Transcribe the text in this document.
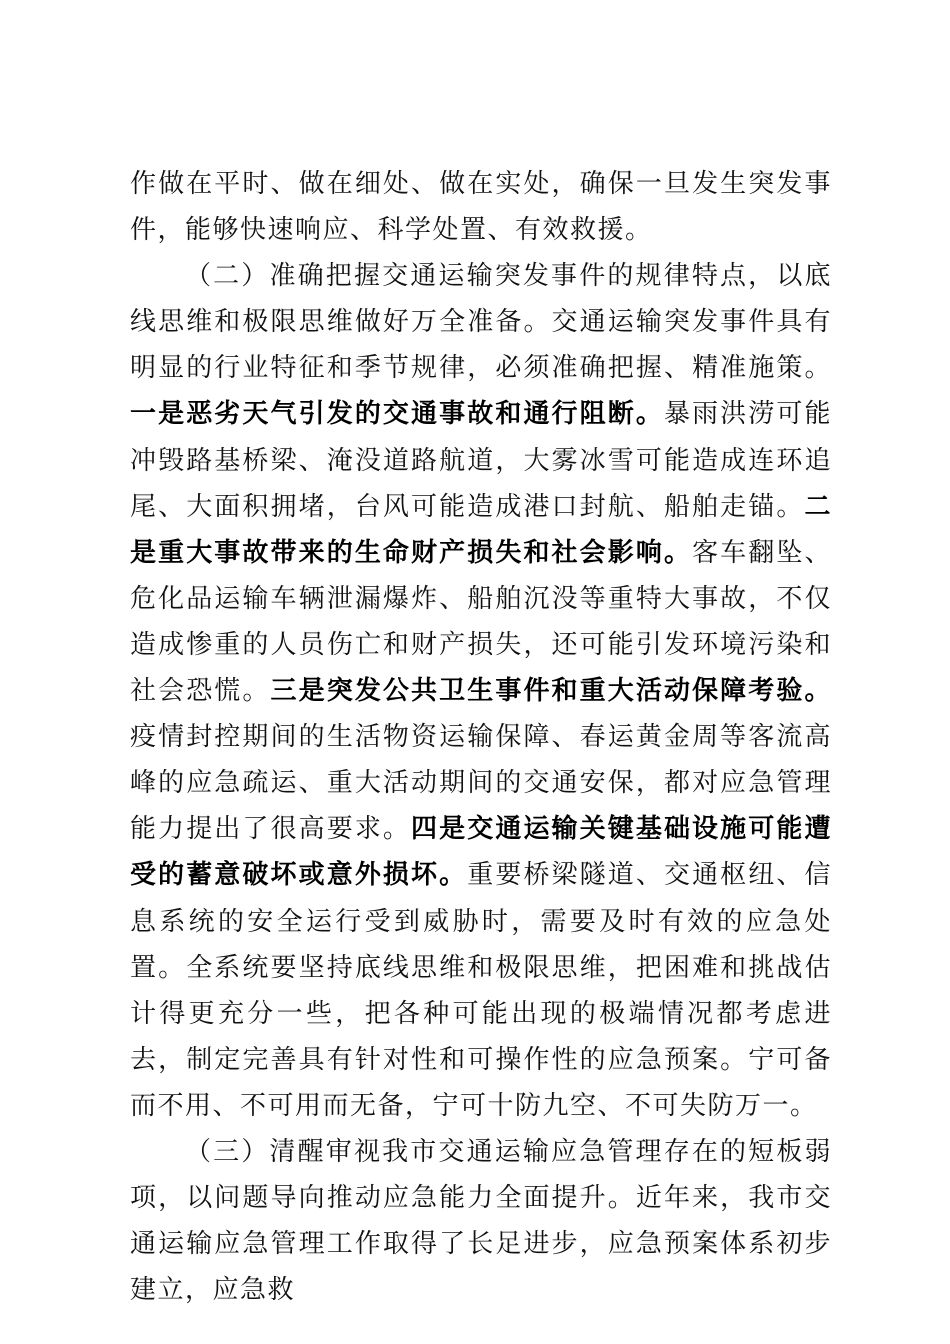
作做在平时、做在细处、做在实处，确保一旦发生突发事件，能够快速响应、科学处置、有效救援。

（二）准确把握交通运输突发事件的规律特点，以底线思维和极限思维做好万全准备。交通运输突发事件具有明显的行业特征和季节规律，必须准确把握、精准施策。一是恶劣天气引发的交通事故和通行阻断。暴雨洪涝可能冲毁路基桥梁、淹没道路航道，大雾冰雪可能造成连环追尾、大面积拥堵，台风可能造成港口封航、船舶走锚。二是重大事故带来的生命财产损失和社会影响。客车翻坠、危化品运输车辆泄漏爆炸、船舶沉没等重特大事故，不仅造成惨重的人员伤亡和财产损失，还可能引发环境污染和社会恐慌。三是突发公共卫生事件和重大活动保障考验。疫情封控期间的生活物资运输保障、春运黄金周等客流高峰的应急疏运、重大活动期间的交通安保，都对应急管理能力提出了很高要求。四是交通运输关键基础设施可能遭受的蓄意破坏或意外损坏。重要桥梁隧道、交通枢纽、信息系统的安全运行受到威胁时，需要及时有效的应急处置。全系统要坚持底线思维和极限思维，把困难和挑战估计得更充分一些，把各种可能出现的极端情况都考虑进去，制定完善具有针对性和可操作性的应急预案。宁可备而不用、不可用而无备，宁可十防九空、不可失防万一。

（三）清醒审视我市交通运输应急管理存在的短板弱项，以问题导向推动应急能力全面提升。近年来，我市交通运输应急管理工作取得了长足进步，应急预案体系初步建立，应急救
